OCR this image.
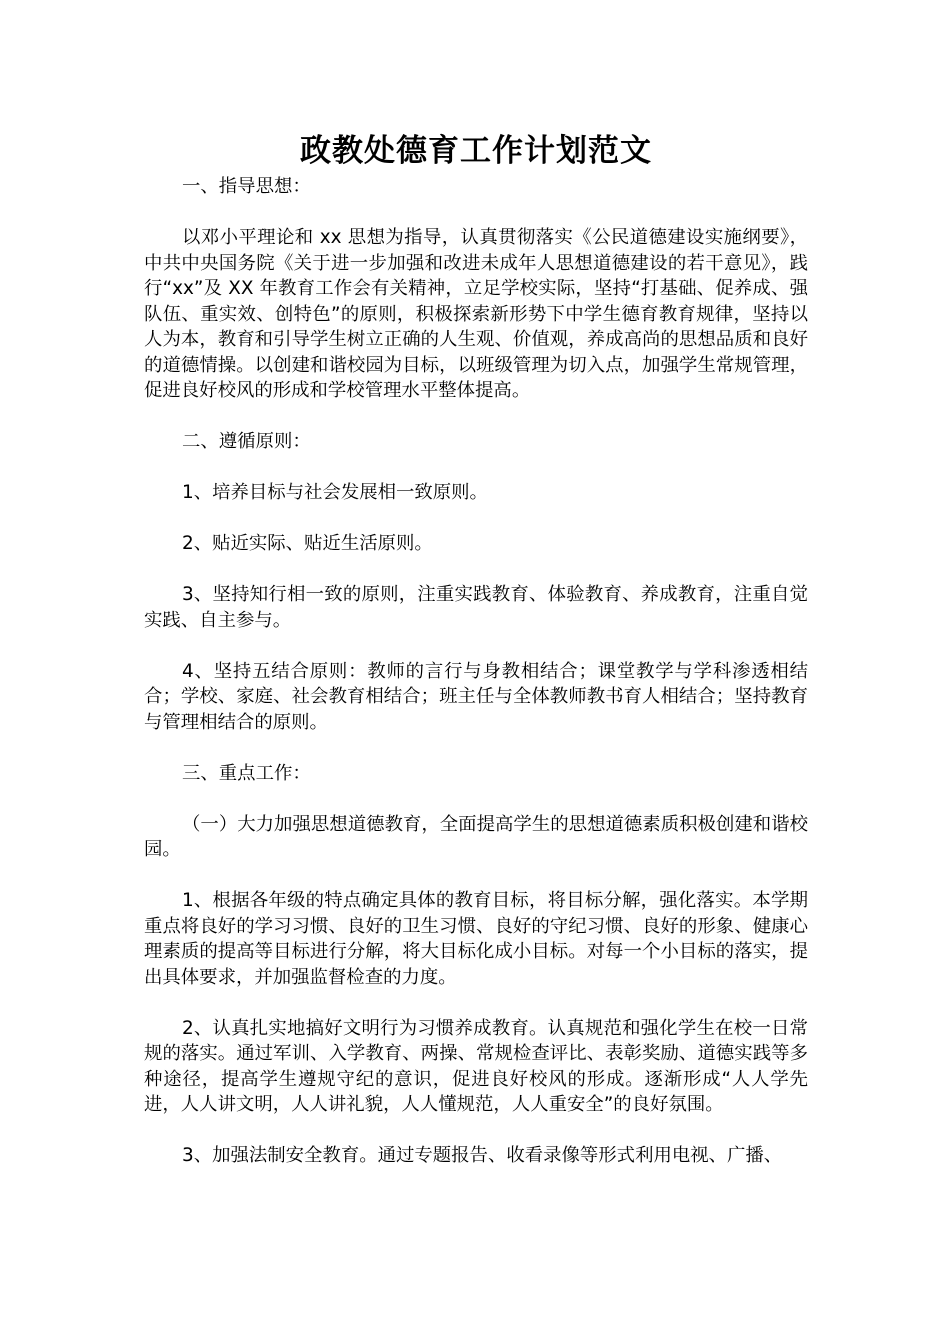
政教处德育工作计划范文

一、指导思想：

以邓小平理论和 xx 思想为指导，认真贯彻落实《公民道德建设实施纲要》，中共中央国务院《关于进一步加强和改进未成年人思想道德建设的若干意见》，践行“xx”及 XX 年教育工作会有关精神，立足学校实际，坚持“打基础、促养成、强队伍、重实效、创特色”的原则，积极探索新形势下中学生德育教育规律，坚持以人为本，教育和引导学生树立正确的人生观、价值观，养成高尚的思想品质和良好的道德情操。以创建和谐校园为目标，以班级管理为切入点，加强学生常规管理，促进良好校风的形成和学校管理水平整体提高。

二、遵循原则：

1、培养目标与社会发展相一致原则。

2、贴近实际、贴近生活原则。

3、坚持知行相一致的原则，注重实践教育、体验教育、养成教育，注重自觉实践、自主参与。

4、坚持五结合原则：教师的言行与身教相结合；课堂教学与学科渗透相结合；学校、家庭、社会教育相结合；班主任与全体教师教书育人相结合；坚持教育与管理相结合的原则。

三、重点工作：

（一）大力加强思想道德教育，全面提高学生的思想道德素质积极创建和谐校园。

1、根据各年级的特点确定具体的教育目标，将目标分解，强化落实。本学期重点将良好的学习习惯、良好的卫生习惯、良好的守纪习惯、良好的形象、健康心理素质的提高等目标进行分解，将大目标化成小目标。对每一个小目标的落实，提出具体要求，并加强监督检查的力度。

2、认真扎实地搞好文明行为习惯养成教育。认真规范和强化学生在校一日常规的落实。通过军训、入学教育、两操、常规检查评比、表彰奖励、道德实践等多种途径，提高学生遵规守纪的意识，促进良好校风的形成。逐渐形成“人人学先进，人人讲文明，人人讲礼貌，人人懂规范，人人重安全”的良好氛围。

3、加强法制安全教育。通过专题报告、收看录像等形式利用电视、广播、
